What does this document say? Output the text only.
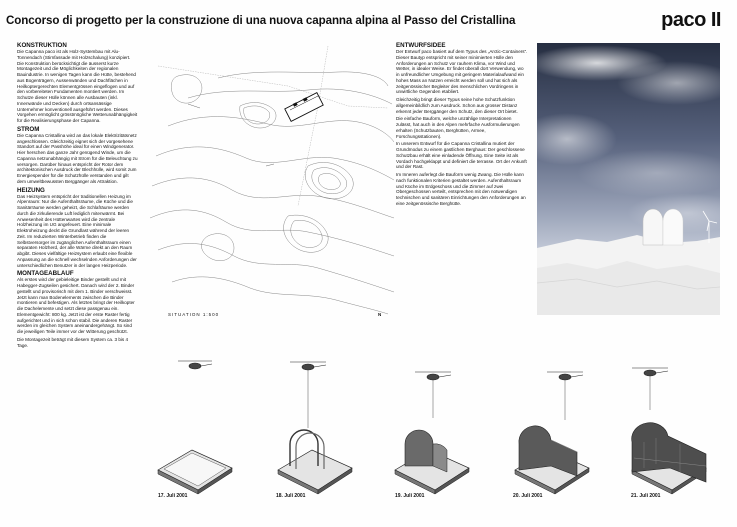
Concorso di progetto per la construzione di una nuova capanna alpina al Passo del Cristallina	paco II
KONSTRUKTION

Die Capanna paco ist als Holz-Systembau mit Alu-Tonnendach (Stirnfassade mit Holzschalung) konzipiert. Die Konstruktion berücksichtigt die äusserst kurze Montagezeit und die Möglichkeiten der regionalen Bauindustrie. In wenigen Tagen kann die Hütte, bestehend aus Bogenträgern, Aussenwänden und Dachflächen in Heilkoptergerechten Elementgrössen eingeflogen und auf den vorbereiteten Fundamenten montiert werden. Im Schutze dieser Hülle können alle Ausbauten (inkl. Innenwände und Decken) durch ortsansässige Unternehmer konventionell ausgeführt werden. Dieses Vorgehen ermöglicht grösstmögliche Wetterunabhängigkeit für die Realisierungsphase der Capanna.

STROM

Die Capanna Cristallina wird an das lokale Elektrizitätsnetz angeschlossen. Gleichzeitig eignet sich der vorgesehene Standort auf der Passhöhe ideal für einen Windgenerator. Hier herschen das ganze Jahr genügend Winde, um die Capanna netzunabhängig mit Strom für die Beleuchtung zu versorgen. Darüber hinaus entspricht der Rotor dem architektonischen Ausdruck der Blechhülle, wird somit zum Energiespender für die Schutzhülle verstanden und gilt dem umweltbewussten Berggänger als Attraktion.

HEIZUNG

Das Heizsystem entspricht der traditionellen Heizung im Alpenraum: Nur die Aufenthaltsräume, die Küche und die Sanitärräume werden geheizt, die Schlafräume werden durch die zirkulierende Luft lediglich mitenwärmt. Bei Anwesenheit des Hüttenwartes wird die zentrale Holzheizung im UG angefeuert. Eine minimale Elektroheizung deckt die Grundlast während der leeren Zeit. Im reduzierten Winterbetrieb finden die Selbstversorger im zugänglichen Aufenthaltsraum einen separaten Holzherd, der alle Wärme direkt an den Raum abgibt. Dieses vielfältige Heizsystem erlaubt eine flexible Anpassung an die schnell wechselnden Anforderungen der unterschiedlichen Benutzer in der langen Heizperiode.

MONTAGEABLAUF

Als erstes wird der gebieleitige Binder gestellt und mit Habegger-Zugseilen gesichert. Danach wird der 2. Binder gestellt und provisorisch mit dem 1. Binder verschweisst. Jetzt kann man Bodenelements zwischen die Binder montieren und befestigen. Als letztes bringt der Heilkopter die Dachelemente und setzt diese passgenau ein. Elementgewicht: 800 kg. Jetzt ist der erste Raster fertig aufgerichtet und in sich schon stabil. Die anderen Raster werden im gleichen System aneinandergehängt. So sind die jeweiligen Teile immer vor der Witterung geschützt.

Die Montagezeit beträgt mit diesem System ca. 3 bis 4 Tage.

SITUATION 1:500	N
ENTWURFSIDEE

Der Entwurf paco basiert auf dem Typus des „Arctic-Containers“. Dieser Bautyp entspricht mit seiner minimierten Hülle den Anforderungen an Schutz vor rauhem Klima, vor Wind und Wetter, in idealer Weise. Er findet überall dort Verwendung, wo in unfreundlicher Umgebung mit geringem Materialaufwand ein hohes Mass an Nutzen erreicht werden soll und hat sich als zeitgenössischer Begleiter des menschlichen Vordringens in unwirtliche Gegenden etabliert.

Gleichzeitig bringt dieser Typus seine hohe Schutzfunktion allgemeinbildlich zum Ausdruck. Schon aus grosser Distanz erkennt jeder Berggänger den Schutz, den dieser Ort bietet.

Die einfache Bauform, welche unzählige Interpretationen zulässt, hat auch in den Alpen mehrfache Ausformulierungen erhalten (Schutzbauten, Berghütten, Armee, Forschungsstationen).

In unserem Entwurf für die Capanna Cristallina mutiert der Grundmodus zu einem gastlichen Berghaus: Der geschlossene Schutzbau erhält eine einladende Öffnung. Eine Seite ist als Vordach hochgeklappt und definiert die terrasse. Ort der Ankunft und der Rast.

Im Inneren auferlegt die Bauform wenig Zwang. Die Hülle kann nach funktionalen Kriterien gestaltet werden. Aufenthaltsraum und Küche im Erdgeschoss und die Zimmer auf zwei Obergeschossen verteilt, entsprechen mit den notwendigen technischen und sanitären Einrichtungen den Anforderungen an eine zeitgenössische Berghütte.

17. Juli 2001	18. Juli 2001	19. Juli 2001	20. Juli 2001	21. Juli 2001
